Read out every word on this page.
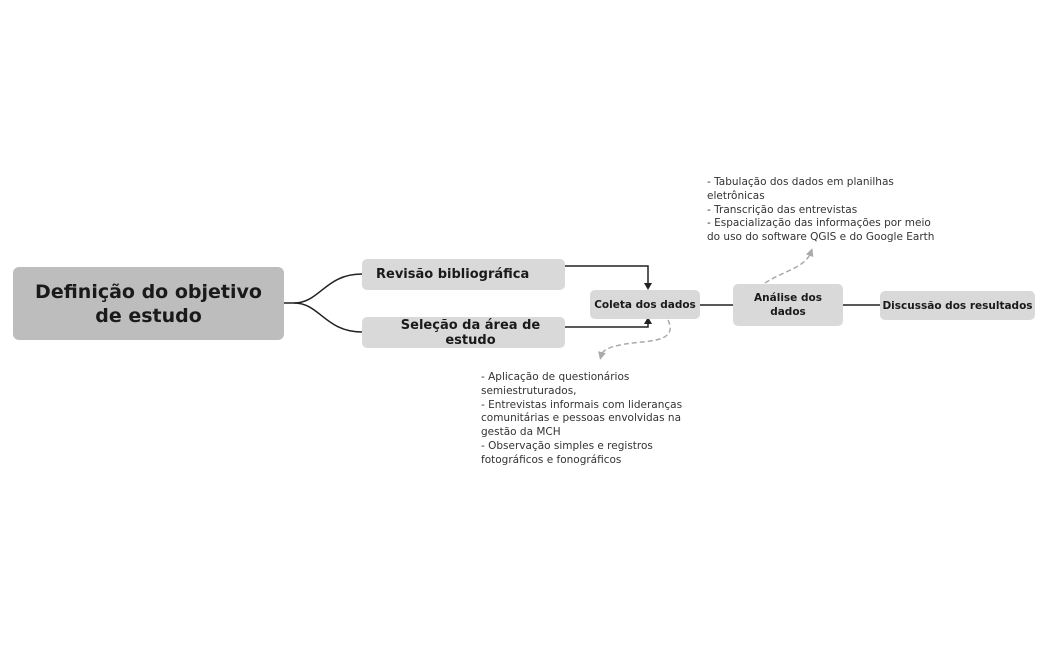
Definição do objetivo de estudo
Revisão bibliográfica
Seleção da área de estudo
Coleta dos dados
Análise dos dados
Discussão dos resultados
- Tabulação dos dados em planilhas
eletrônicas
- Transcrição das entrevistas
- Espacialização das informações por meio
do uso do software QGIS e do Google Earth
- Aplicação de questionários
semiestruturados,
- Entrevistas informais com lideranças
comunitárias e pessoas envolvidas na
gestão da MCH
- Observação simples e registros
fotográficos e fonográficos
